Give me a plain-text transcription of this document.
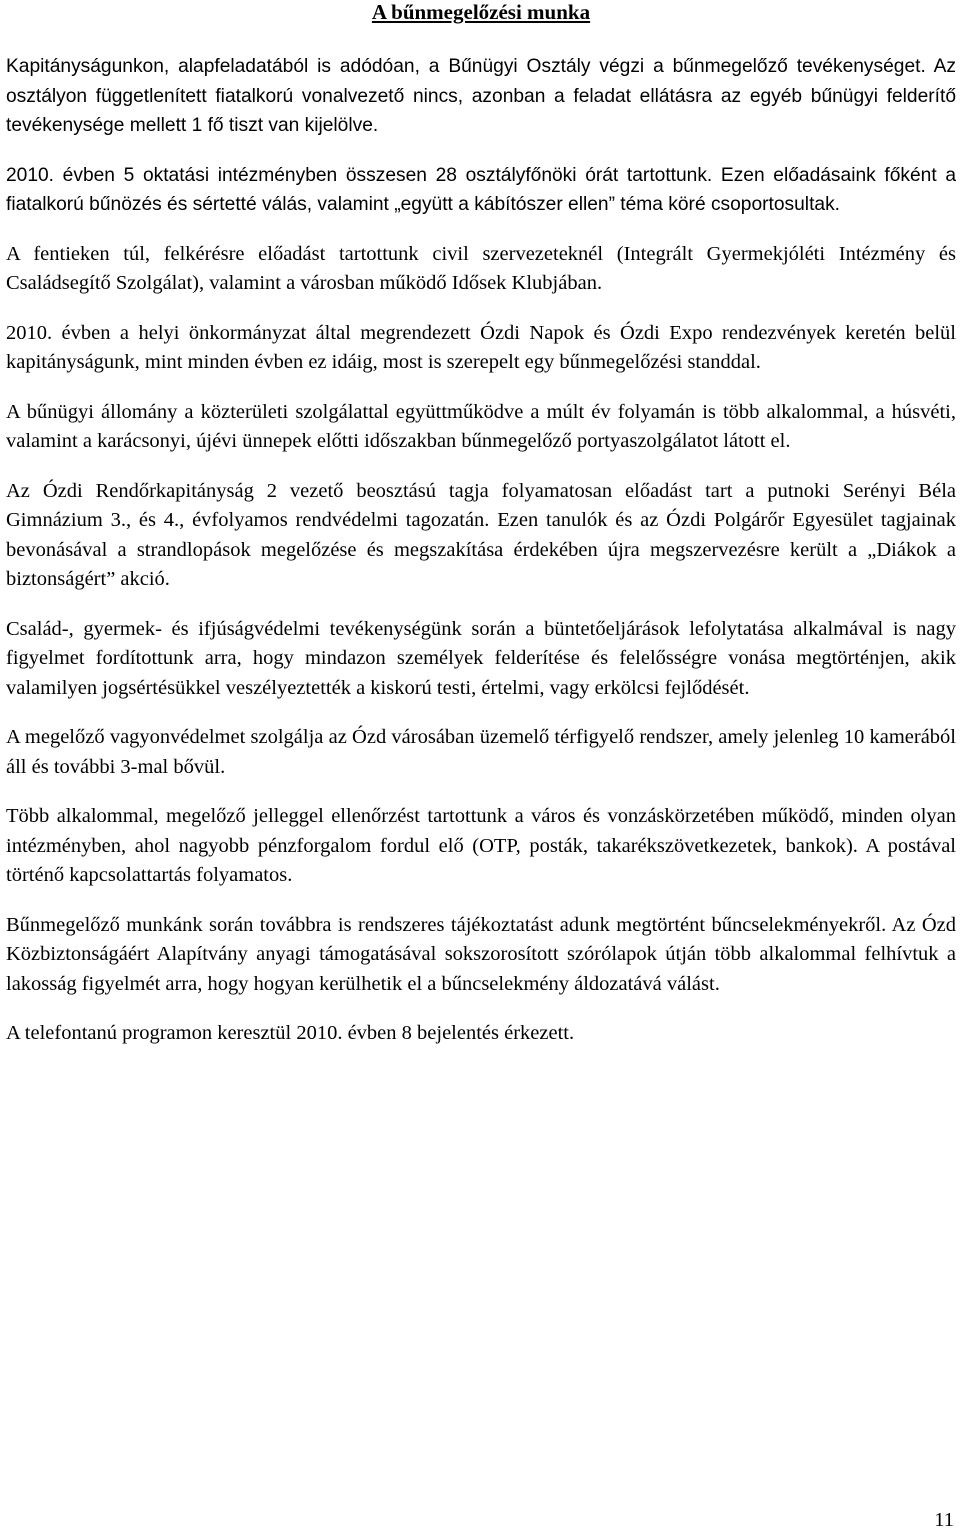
A bűnmegelőzési munka

Kapitányságunkon, alapfeladatából is adódóan, a Bűnügyi Osztály végzi a bűnmegelőző tevékenységet. Az osztályon függetlenített fiatalkorú vonalvezető nincs, azonban a feladat ellátásra az egyéb bűnügyi felderítő tevékenysége mellett 1 fő tiszt van kijelölve.

2010. évben 5 oktatási intézményben összesen 28 osztályfőnöki órát tartottunk. Ezen előadásaink főként a fiatalkorú bűnözés és sértetté válás, valamint „együtt a kábítószer ellen” téma köré csoportosultak.

A fentieken túl, felkérésre előadást tartottunk civil szervezeteknél (Integrált Gyermekjóléti Intézmény és Családsegítő Szolgálat), valamint a városban működő Idősek Klubjában.

2010. évben a helyi önkormányzat által megrendezett Ózdi Napok és Ózdi Expo rendezvények keretén belül kapitányságunk, mint minden évben ez idáig, most is szerepelt egy bűnmegelőzési standdal.

A bűnügyi állomány a közterületi szolgálattal együttműködve a múlt év folyamán is több alkalommal, a húsvéti, valamint a karácsonyi, újévi ünnepek előtti időszakban bűnmegelőző portyaszolgálatot látott el.

Az Ózdi Rendőrkapitányság 2 vezető beosztású tagja folyamatosan előadást tart a putnoki Serényi Béla Gimnázium 3., és 4., évfolyamos rendvédelmi tagozatán. Ezen tanulók és az Ózdi Polgárőr Egyesület tagjainak bevonásával a strandlopások megelőzése és megszakítása érdekében újra megszervezésre került a „Diákok a biztonságért” akció.

Család-, gyermek- és ifjúságvédelmi tevékenységünk során a büntetőeljárások lefolytatása alkalmával is nagy figyelmet fordítottunk arra, hogy mindazon személyek felderítése és felelősségre vonása megtörténjen, akik valamilyen jogsértésükkel veszélyeztették a kiskorú testi, értelmi, vagy erkölcsi fejlődését.

A megelőző vagyonvédelmet szolgálja az Ózd városában üzemelő térfigyelő rendszer, amely jelenleg 10 kamerából áll és további 3-mal bővül.

Több alkalommal, megelőző jelleggel ellenőrzést tartottunk a város és vonzáskörzetében működő, minden olyan intézményben, ahol nagyobb pénzforgalom fordul elő (OTP, posták, takarékszövetkezetek, bankok). A postával történő kapcsolattartás folyamatos.

Bűnmegelőző munkánk során továbbra is rendszeres tájékoztatást adunk megtörtént bűncselekményekről. Az Ózd Közbiztonságáért Alapítvány anyagi támogatásával sokszorosított szórólapok útján több alkalommal felhívtuk a lakosság figyelmét arra, hogy hogyan kerülhetik el a bűncselekmény áldozatává válást.

A telefontanú programon keresztül 2010. évben 8 bejelentés érkezett.

11
